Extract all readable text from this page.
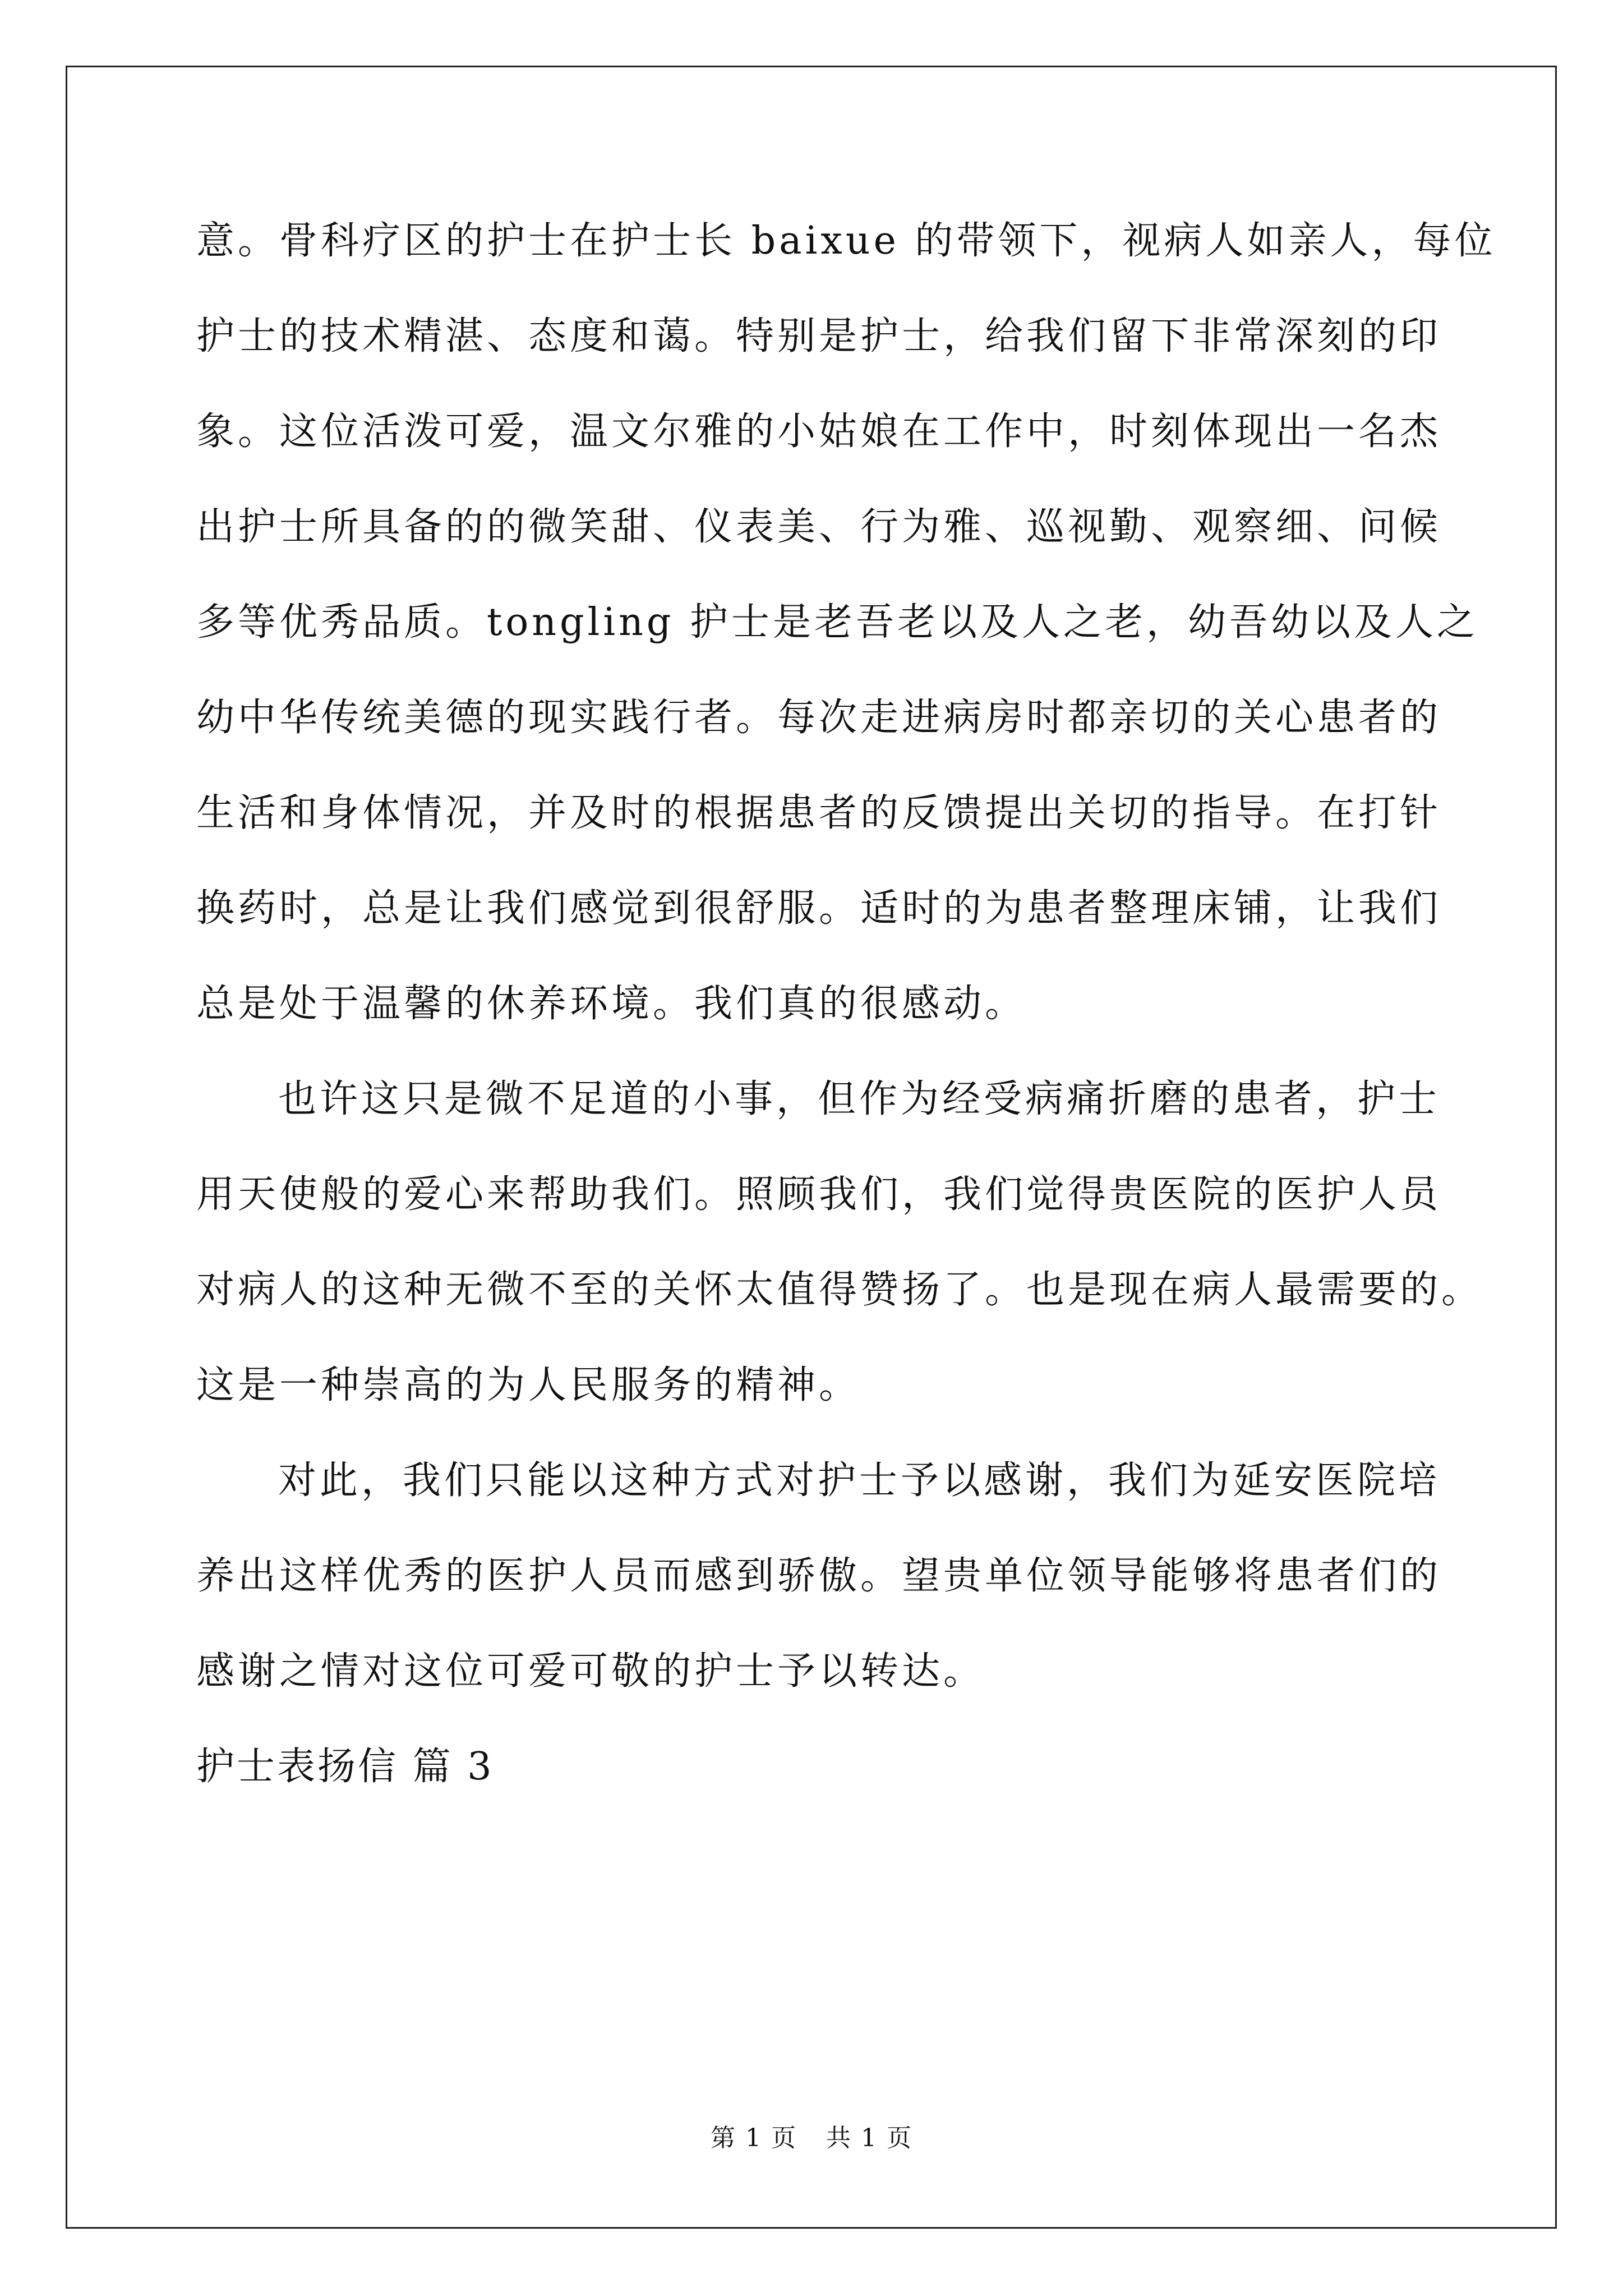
意。骨科疗区的护士在护士长 baixue 的带领下，视病人如亲人，每位
护士的技术精湛、态度和蔼。特别是护士，给我们留下非常深刻的印
象。这位活泼可爱，温文尔雅的小姑娘在工作中，时刻体现出一名杰
出护士所具备的的微笑甜、仪表美、行为雅、巡视勤、观察细、问候
多等优秀品质。tongling 护士是老吾老以及人之老，幼吾幼以及人之
幼中华传统美德的现实践行者。每次走进病房时都亲切的关心患者的
生活和身体情况，并及时的根据患者的反馈提出关切的指导。在打针
换药时，总是让我们感觉到很舒服。适时的为患者整理床铺，让我们
总是处于温馨的休养环境。我们真的很感动。
也许这只是微不足道的小事，但作为经受病痛折磨的患者，护士
用天使般的爱心来帮助我们。照顾我们，我们觉得贵医院的医护人员
对病人的这种无微不至的关怀太值得赞扬了。也是现在病人最需要的。
这是一种崇高的为人民服务的精神。
对此，我们只能以这种方式对护士予以感谢，我们为延安医院培
养出这样优秀的医护人员而感到骄傲。望贵单位领导能够将患者们的
感谢之情对这位可爱可敬的护士予以转达。
护士表扬信 篇 3
第 1 页 共 1 页
